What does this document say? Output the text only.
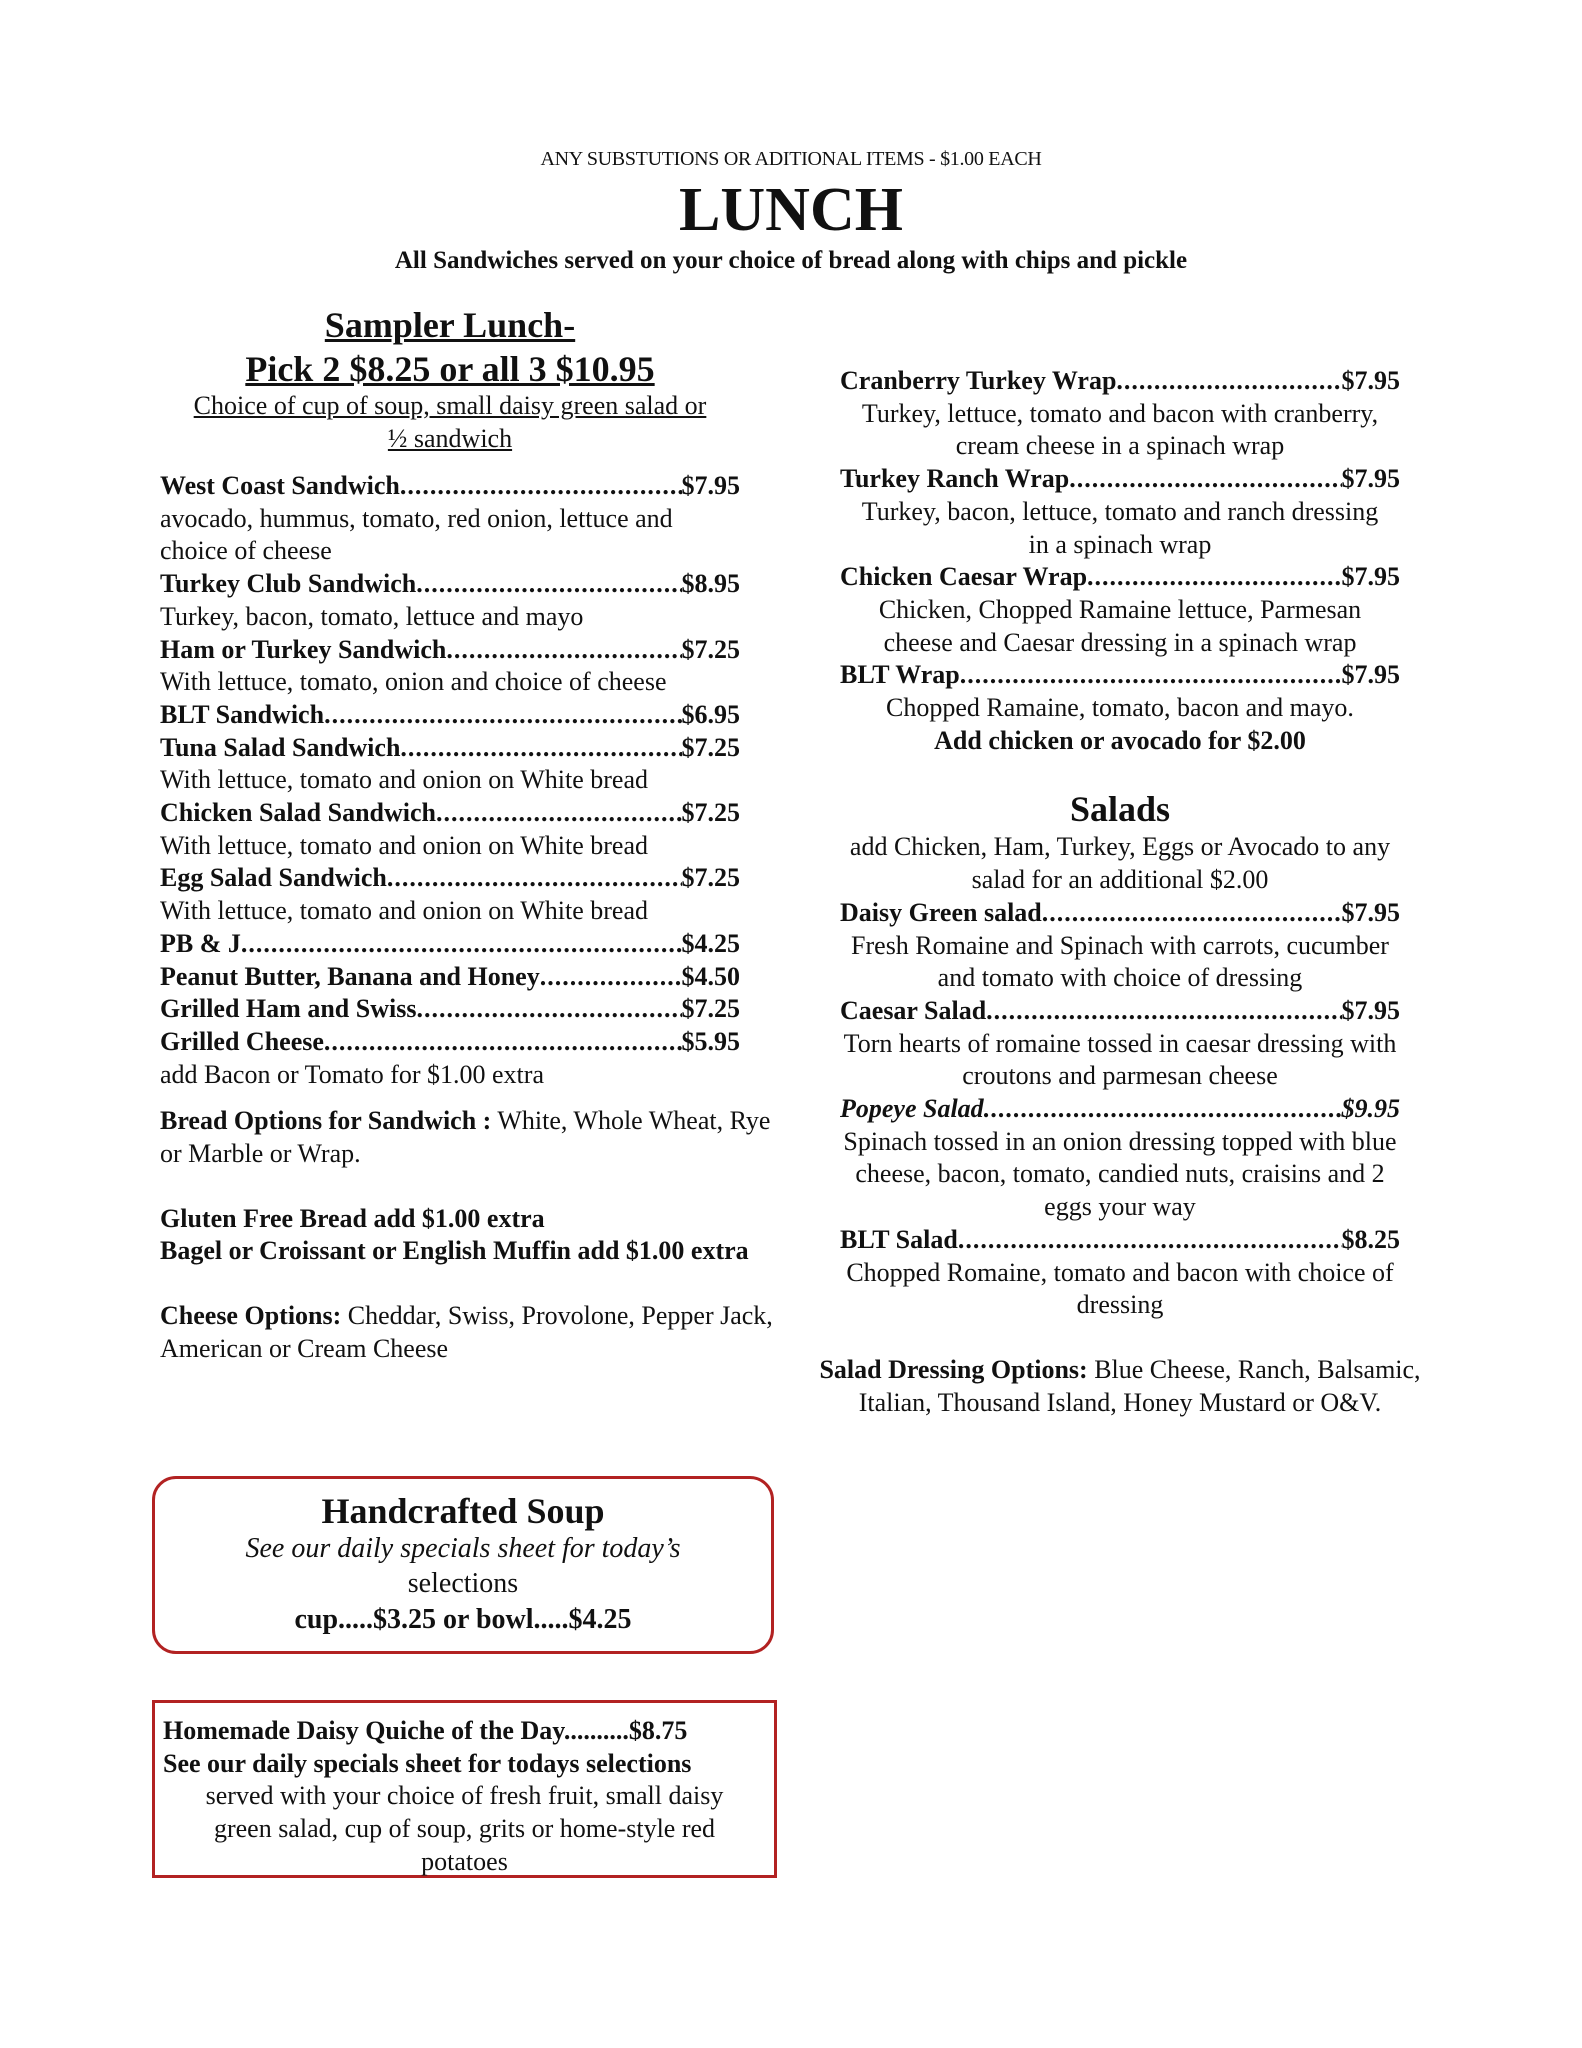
ANY SUBSTUTIONS OR ADITIONAL ITEMS - $1.00 EACH
LUNCH
All Sandwiches served on your choice of bread along with chips and pickle
Sampler Lunch-
Pick 2 $8.25 or all 3 $10.95
Choice of cup of soup, small daisy green salad or
½ sandwich
West Coast Sandwich .....	$7.95
avocado, hummus, tomato, red onion, lettuce and
choice of cheese
Turkey Club Sandwich .....	$8.95
Turkey, bacon, tomato, lettuce and mayo
Ham or Turkey Sandwich .....	$7.25
With lettuce, tomato, onion and choice of cheese
BLT Sandwich .....	$6.95
Tuna Salad Sandwich .....	$7.25
With lettuce, tomato and onion on White bread
Chicken Salad Sandwich .....	$7.25
With lettuce, tomato and onion on White bread
Egg Salad Sandwich .....	$7.25
With lettuce, tomato and onion on White bread
PB & J .....	$4.25
Peanut Butter, Banana and Honey .....	$4.50
Grilled Ham and Swiss .....	$7.25
Grilled Cheese .....	$5.95
add Bacon or Tomato for $1.00 extra
Bread Options for Sandwich : White, Whole Wheat, Rye or Marble or Wrap.
Gluten Free Bread add $1.00 extra
Bagel or Croissant or English Muffin add $1.00 extra
Cheese Options: Cheddar, Swiss, Provolone, Pepper Jack, American or Cream Cheese
Cranberry Turkey Wrap .....	$7.95
Turkey, lettuce, tomato and bacon with cranberry,
cream cheese in a spinach wrap
Turkey Ranch Wrap .....	$7.95
Turkey, bacon, lettuce, tomato and ranch dressing
in a spinach wrap
Chicken Caesar Wrap .....	$7.95
Chicken, Chopped Ramaine lettuce, Parmesan
cheese and Caesar dressing in a spinach wrap
BLT Wrap .....	$7.95
Chopped Ramaine, tomato, bacon and mayo.
Add chicken or avocado for $2.00
Salads
add Chicken, Ham, Turkey, Eggs or Avocado to any
salad for an additional $2.00
Daisy Green salad .....	$7.95
Fresh Romaine and Spinach with carrots, cucumber
and tomato with choice of dressing
Caesar Salad .....	$7.95
Torn hearts of romaine tossed in caesar dressing with
croutons and parmesan cheese
Popeye Salad .....	$9.95
Spinach tossed in an onion dressing topped with blue
cheese, bacon, tomato, candied nuts, craisins and 2
eggs your way
BLT Salad .....	$8.25
Chopped Romaine, tomato and bacon with choice of
dressing
Salad Dressing Options: Blue Cheese, Ranch, Balsamic, Italian, Thousand Island, Honey Mustard or O&V.
Handcrafted Soup
See our daily specials sheet for today’s
selections
cup.....$3.25 or bowl.....$4.25
Homemade Daisy Quiche of the Day..........$8.75
See our daily specials sheet for todays selections
served with your choice of fresh fruit, small daisy
green salad, cup of soup, grits or home-style red
potatoes
